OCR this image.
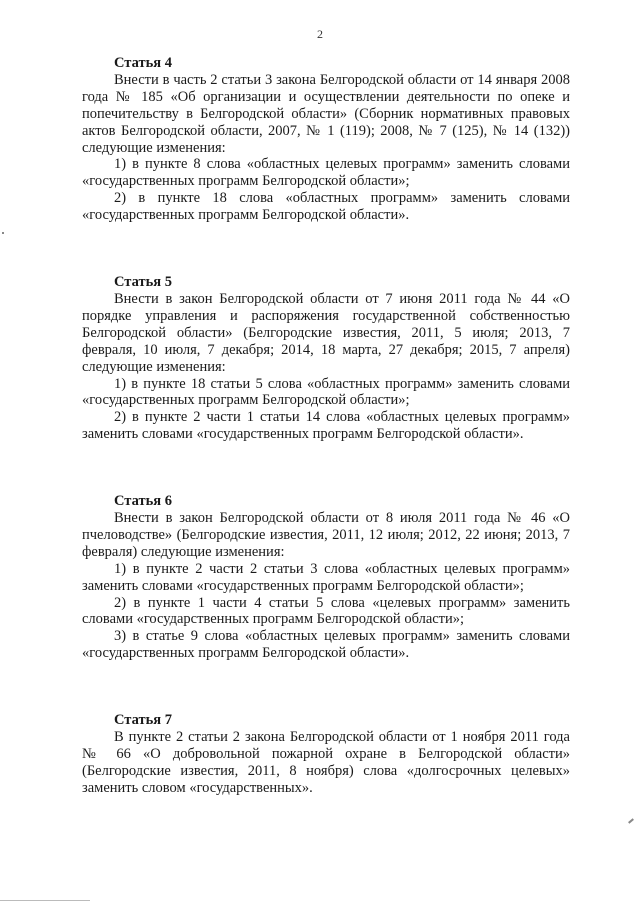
2

Статья 4

Внести в часть 2 статьи 3 закона Белгородской области от 14 января 2008 года № 185 «Об организации и осуществлении деятельности по опеке и попечительству в Белгородской области» (Сборник нормативных правовых актов Белгородской области, 2007, № 1 (119); 2008, № 7 (125), № 14 (132)) следующие изменения:

1) в пункте 8 слова «областных целевых программ» заменить словами «государственных программ Белгородской области»;

2) в пункте 18 слова «областных программ» заменить словами «государственных программ Белгородской области».

Статья 5

Внести в закон Белгородской области от 7 июня 2011 года № 44 «О порядке управления и распоряжения государственной собственностью Белгородской области» (Белгородские известия, 2011, 5 июля; 2013, 7 февраля, 10 июля, 7 декабря; 2014, 18 марта, 27 декабря; 2015, 7 апреля) следующие изменения:

1) в пункте 18 статьи 5 слова «областных программ» заменить словами «государственных программ Белгородской области»;

2) в пункте 2 части 1 статьи 14 слова «областных целевых программ» заменить словами «государственных программ Белгородской области».

Статья 6

Внести в закон Белгородской области от 8 июля 2011 года № 46 «О пчеловодстве» (Белгородские известия, 2011, 12 июля; 2012, 22 июня; 2013, 7 февраля) следующие изменения:

1) в пункте 2 части 2 статьи 3 слова «областных целевых программ» заменить словами «государственных программ Белгородской области»;

2) в пункте 1 части 4 статьи 5 слова «целевых программ» заменить словами «государственных программ Белгородской области»;

3) в статье 9 слова «областных целевых программ» заменить словами «государственных программ Белгородской области».

Статья 7

В пункте 2 статьи 2 закона Белгородской области от 1 ноября 2011 года № 66 «О добровольной пожарной охране в Белгородской области» (Белгородские известия, 2011, 8 ноября) слова «долгосрочных целевых» заменить словом «государственных».
